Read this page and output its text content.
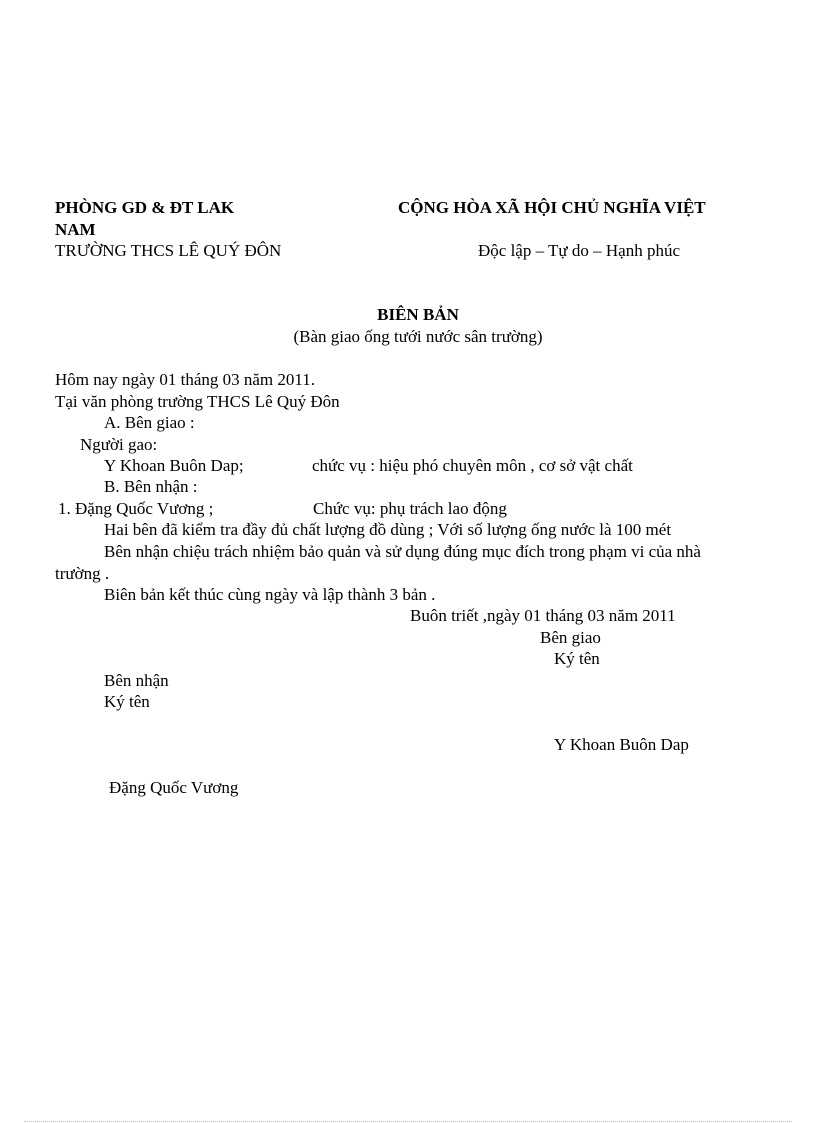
PHÒNG GD & ĐT LAK
NAM
TRƯỜNG THCS LÊ QUÝ ĐÔN
CỘNG HÒA XÃ HỘI CHỦ NGHĨA VIỆT
Độc lập – Tự do – Hạnh phúc
BIÊN BẢN
(Bàn giao ống tưới nước sân trường)
Hôm nay ngày 01 tháng 03 năm 2011.
Tại văn phòng trường THCS Lê Quý Đôn
A. Bên giao :
Người gao:
Y Khoan Buôn Dap;	chức vụ : hiệu phó chuyên môn , cơ sở vật chất
B. Bên nhận :
1. Đặng Quốc Vương ;	Chức vụ: phụ trách lao động
Hai bên đã kiểm tra đầy đủ chất lượng đồ dùng ; Với số lượng ống nước là 100 mét
Bên nhận chiệu trách nhiệm bảo quản và sử dụng đúng mục đích trong phạm vi của nhà
trường .
Biên bản kết thúc cùng ngày và lập thành 3 bản .
Buôn triết ,ngày 01 tháng 03 năm 2011
Bên giao
Ký tên
Bên nhận
Ký tên
Y Khoan Buôn Dap
Đặng Quốc Vương
